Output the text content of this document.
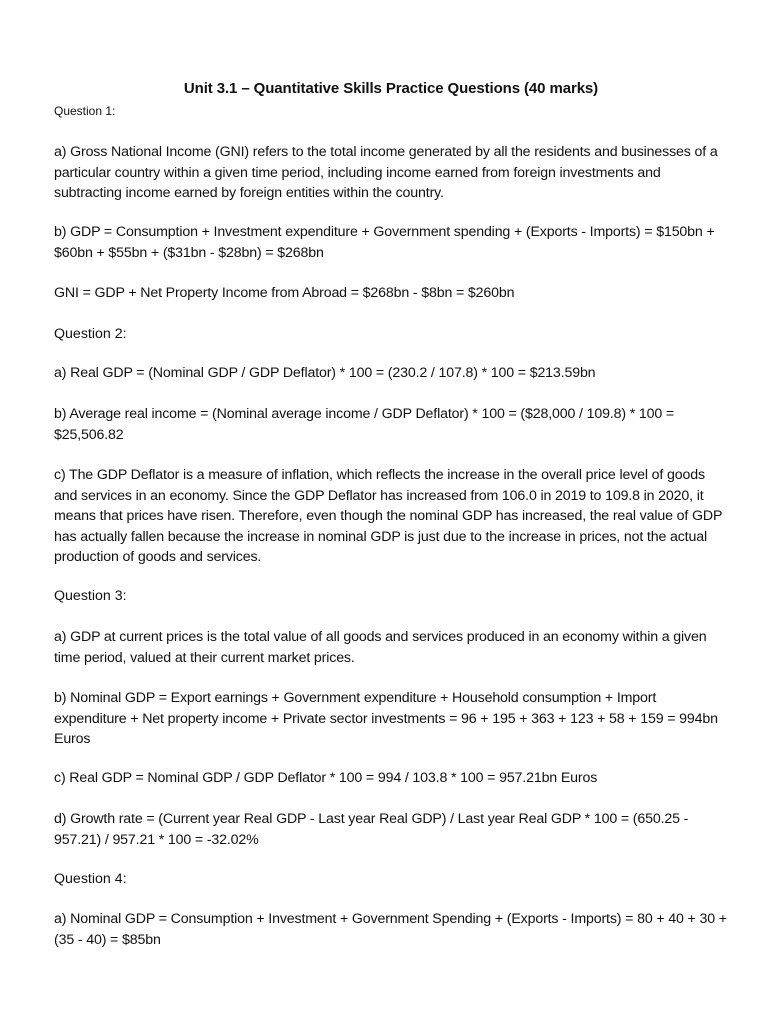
Unit 3.1 – Quantitative Skills Practice Questions (40 marks)
Question 1:

a) Gross National Income (GNI) refers to the total income generated by all the residents and businesses of a particular country within a given time period, including income earned from foreign investments and subtracting income earned by foreign entities within the country.

b) GDP = Consumption + Investment expenditure + Government spending + (Exports - Imports) = $150bn + $60bn + $55bn + ($31bn - $28bn) = $268bn

GNI = GDP + Net Property Income from Abroad = $268bn - $8bn = $260bn

Question 2:

a) Real GDP = (Nominal GDP / GDP Deflator) * 100 = (230.2 / 107.8) * 100 = $213.59bn

b) Average real income = (Nominal average income / GDP Deflator) * 100 = ($28,000 / 109.8) * 100 = $25,506.82

c) The GDP Deflator is a measure of inflation, which reflects the increase in the overall price level of goods and services in an economy. Since the GDP Deflator has increased from 106.0 in 2019 to 109.8 in 2020, it means that prices have risen. Therefore, even though the nominal GDP has increased, the real value of GDP has actually fallen because the increase in nominal GDP is just due to the increase in prices, not the actual production of goods and services.

Question 3:

a) GDP at current prices is the total value of all goods and services produced in an economy within a given time period, valued at their current market prices.

b) Nominal GDP = Export earnings + Government expenditure + Household consumption + Import expenditure + Net property income + Private sector investments = 96 + 195 + 363 + 123 + 58 + 159 = 994bn Euros

c) Real GDP = Nominal GDP / GDP Deflator * 100 = 994 / 103.8 * 100 = 957.21bn Euros

d) Growth rate = (Current year Real GDP - Last year Real GDP) / Last year Real GDP * 100 = (650.25 - 957.21) / 957.21 * 100 = -32.02%

Question 4:

a) Nominal GDP = Consumption + Investment + Government Spending + (Exports - Imports) = 80 + 40 + 30 + (35 - 40) = $85bn
